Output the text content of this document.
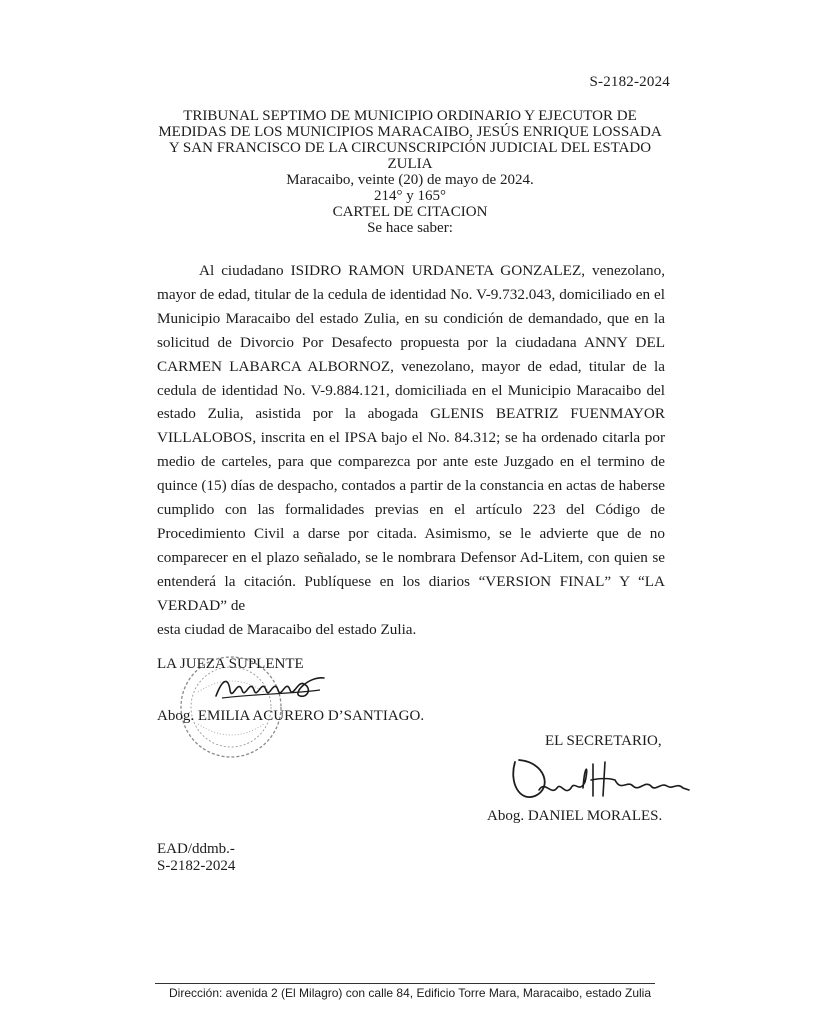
S-2182-2024
TRIBUNAL SEPTIMO DE MUNICIPIO ORDINARIO Y EJECUTOR DE
MEDIDAS DE LOS MUNICIPIOS MARACAIBO, JESÚS ENRIQUE LOSSADA
Y SAN FRANCISCO DE LA CIRCUNSCRIPCIÓN JUDICIAL DEL ESTADO
ZULIA
Maracaibo, veinte (20) de mayo de 2024.
214° y 165°
CARTEL DE CITACION
Se hace saber:

Al ciudadano ISIDRO RAMON URDANETA GONZALEZ, venezolano, mayor de edad, titular de la cedula de identidad No. V-9.732.043, domiciliado en el Municipio Maracaibo del estado Zulia, en su condición de demandado, que en la solicitud de Divorcio Por Desafecto propuesta por la ciudadana ANNY DEL CARMEN LABARCA ALBORNOZ, venezolano, mayor de edad, titular de la cedula de identidad No. V-9.884.121, domiciliada en el Municipio Maracaibo del estado Zulia, asistida por la abogada GLENIS BEATRIZ FUENMAYOR VILLALOBOS, inscrita en el IPSA bajo el No. 84.312; se ha ordenado citarla por medio de carteles, para que comparezca por ante este Juzgado en el termino de quince (15) días de despacho, contados a partir de la constancia en actas de haberse cumplido con las formalidades previas en el artículo 223 del Código de Procedimiento Civil a darse por citada. Asimismo, se le advierte que de no comparecer en el plazo señalado, se le nombrara Defensor Ad-Litem, con quien se entenderá la citación. Publíquese en los diarios “VERSION FINAL” Y “LA VERDAD” de

esta ciudad de Maracaibo del estado Zulia.
LA JUEZA SUPLENTE
Abog. EMILIA ACURERO D’SANTIAGO.
EL SECRETARIO,
Abog. DANIEL MORALES.
EAD/ddmb.-
S-2182-2024
Dirección: avenida 2 (El Milagro) con calle 84, Edificio Torre Mara, Maracaibo, estado Zulia
